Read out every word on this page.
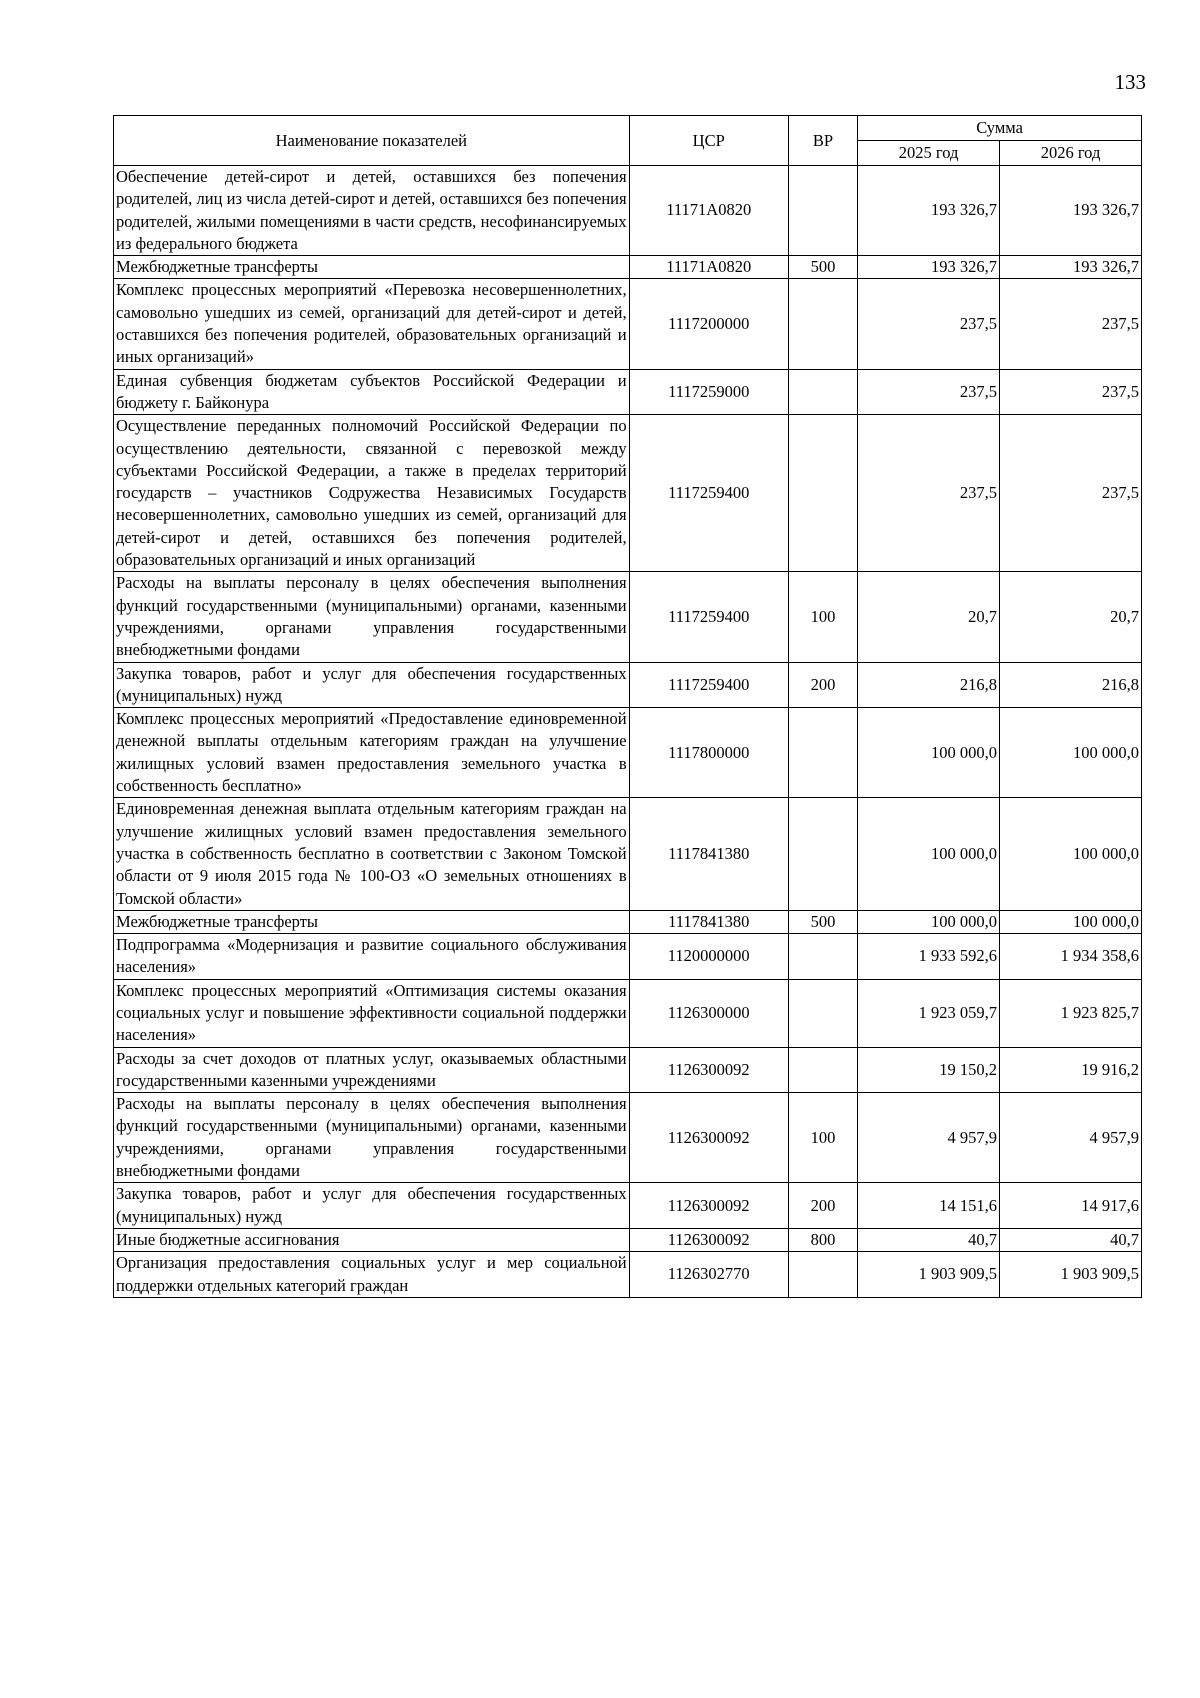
133
Наименование показателей	ЦСР	ВР	Сумма	
			2025 год	2026 год
Обеспечение детей-сирот и детей, оставшихся без попечения родителей, лиц из числа детей-сирот и детей, оставшихся без попечения родителей, жилыми помещениями в части средств, несофинансируемых из федерального бюджета	11171A0820		193 326,7	193 326,7
Межбюджетные трансферты	11171A0820	500	193 326,7	193 326,7
Комплекс процессных мероприятий «Перевозка несовершеннолетних, самовольно ушедших из семей, организаций для детей-сирот и детей, оставшихся без попечения родителей, образовательных организаций и иных организаций»	1117200000		237,5	237,5
Единая субвенция бюджетам субъектов Российской Федерации и бюджету г. Байконура	1117259000		237,5	237,5
Осуществление переданных полномочий Российской Федерации по осуществлению деятельности, связанной с перевозкой между субъектами Российской Федерации, а также в пределах территорий государств – участников Содружества Независимых Государств несовершеннолетних, самовольно ушедших из семей, организаций для детей-сирот и детей, оставшихся без попечения родителей, образовательных организаций и иных организаций	1117259400		237,5	237,5
Расходы на выплаты персоналу в целях обеспечения выполнения функций государственными (муниципальными) органами, казенными учреждениями, органами управления государственными внебюджетными фондами	1117259400	100	20,7	20,7
Закупка товаров, работ и услуг для обеспечения государственных (муниципальных) нужд	1117259400	200	216,8	216,8
Комплекс процессных мероприятий «Предоставление единовременной денежной выплаты отдельным категориям граждан на улучшение жилищных условий взамен предоставления земельного участка в собственность бесплатно»	1117800000		100 000,0	100 000,0
Единовременная денежная выплата отдельным категориям граждан на улучшение жилищных условий взамен предоставления земельного участка в собственность бесплатно в соответствии с Законом Томской области от 9 июля 2015 года № 100-ОЗ «О земельных отношениях в Томской области»	1117841380		100 000,0	100 000,0
Межбюджетные трансферты	1117841380	500	100 000,0	100 000,0
Подпрограмма «Модернизация и развитие социального обслуживания населения»	1120000000		1 933 592,6	1 934 358,6
Комплекс процессных мероприятий «Оптимизация системы оказания социальных услуг и повышение эффективности социальной поддержки населения»	1126300000		1 923 059,7	1 923 825,7
Расходы за счет доходов от платных услуг, оказываемых областными государственными казенными учреждениями	1126300092		19 150,2	19 916,2
Расходы на выплаты персоналу в целях обеспечения выполнения функций государственными (муниципальными) органами, казенными учреждениями, органами управления государственными внебюджетными фондами	1126300092	100	4 957,9	4 957,9
Закупка товаров, работ и услуг для обеспечения государственных (муниципальных) нужд	1126300092	200	14 151,6	14 917,6
Иные бюджетные ассигнования	1126300092	800	40,7	40,7
Организация предоставления социальных услуг и мер социальной поддержки отдельных категорий граждан	1126302770		1 903 909,5	1 903 909,5
